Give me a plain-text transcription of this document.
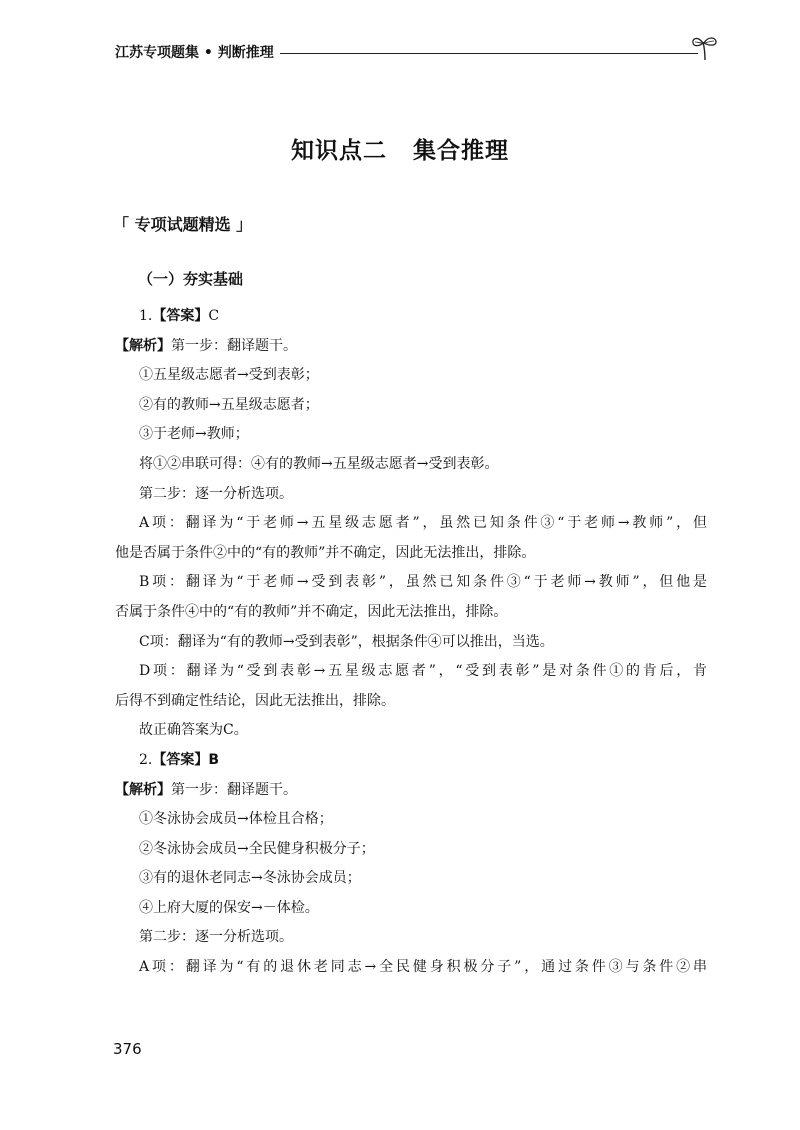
江苏专项题集 • 判断推理
知识点二 集合推理
「 专项试题精选 」
（一）夯实基础
1.【答案】C
【解析】第一步：翻译题干。
①五星级志愿者→受到表彰；
②有的教师→五星级志愿者；
③于老师→教师；
将①②串联可得：④有的教师→五星级志愿者→受到表彰。
第二步：逐一分析选项。
A项：翻译为“于老师→五星级志愿者”，虽然已知条件③“于老师→教师”，但
他是否属于条件②中的“有的教师”并不确定，因此无法推出，排除。
B项：翻译为“于老师→受到表彰”，虽然已知条件③“于老师→教师”，但他是
否属于条件④中的“有的教师”并不确定，因此无法推出，排除。
C项：翻译为“有的教师→受到表彰”，根据条件④可以推出，当选。
D项：翻译为“受到表彰→五星级志愿者”，“受到表彰”是对条件①的肯后，肯
后得不到确定性结论，因此无法推出，排除。
故正确答案为C。
2.【答案】B
【解析】第一步：翻译题干。
①冬泳协会成员→体检且合格；
②冬泳协会成员→全民健身积极分子；
③有的退休老同志→冬泳协会成员；
④上府大厦的保安→－体检。
第二步：逐一分析选项。
A项：翻译为“有的退休老同志→全民健身积极分子”，通过条件③与条件②串
376
